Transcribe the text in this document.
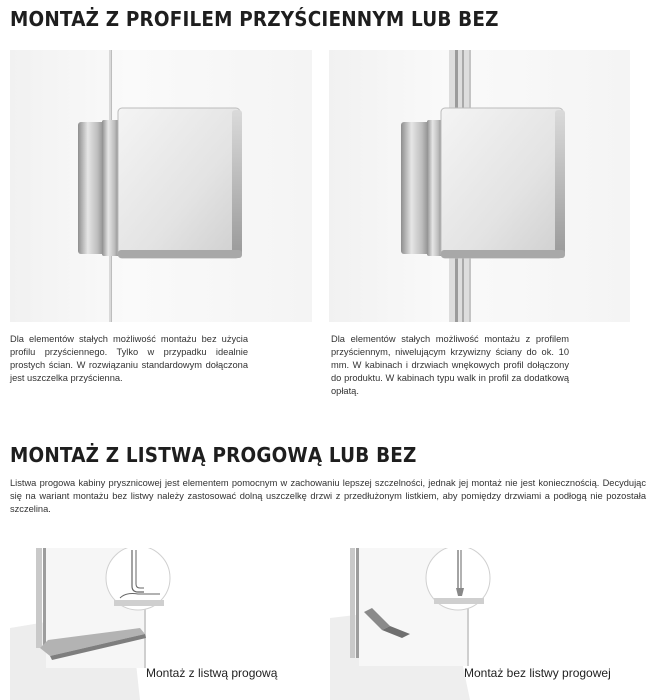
MONTAŻ Z PROFILEM PRZYŚCIENNYM LUB BEZ

Dla elementów stałych możliwość montażu bez użycia profilu przyściennego. Tylko w przypadku idealnie prostych ścian. W rozwiązaniu standardowym dołączona jest uszczelka przyścienna.

Dla elementów stałych możliwość montażu z profilem przyściennym, niwelującym krzywizny ściany do ok. 10 mm. W kabinach i drzwiach wnękowych profil dołączony do produktu. W kabinach typu walk in profil za dodatkową opłatą.

MONTAŻ Z LISTWĄ PROGOWĄ LUB BEZ

Listwa progowa kabiny prysznicowej jest elementem pomocnym w zachowaniu lepszej szczelności, jednak jej montaż nie jest koniecznością. Decydując się na wariant montażu bez listwy należy zastosować dolną uszczelkę drzwi z przedłużonym listkiem, aby pomiędzy drzwiami a podłogą nie pozostała szczelina.

Montaż z listwą progową	Montaż bez listwy progowej
